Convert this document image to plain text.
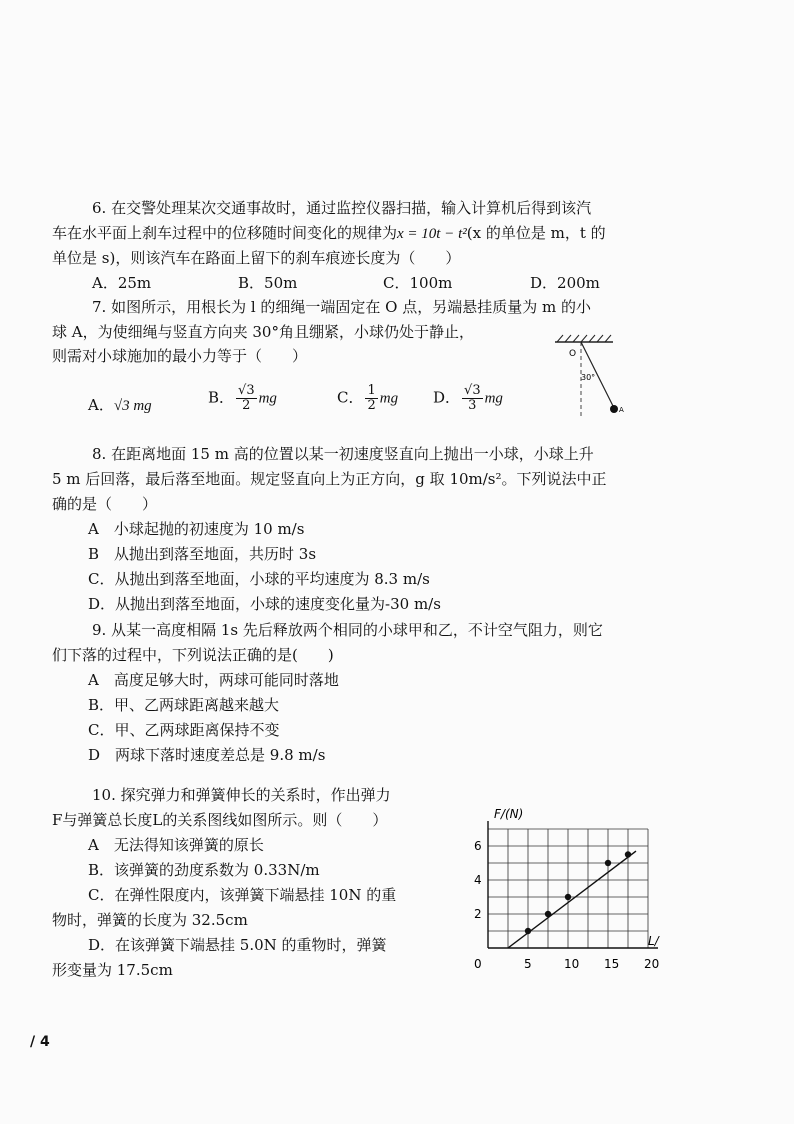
6. 在交警处理某次交通事故时，通过监控仪器扫描，输入计算机后得到该汽
车在水平面上刹车过程中的位移随时间变化的规律为x = 10t − t²(x 的单位是 m，t 的
单位是 s)，则该汽车在路面上留下的刹车痕迹长度为（　　）
A．25m	B．50m	C．100m	D．200m
7. 如图所示，用根长为 l 的细绳一端固定在 O 点，另端悬挂质量为 m 的小
球 A，为使细绳与竖直方向夹 30°角且绷紧，小球仍处于静止，
则需对小球施加的最小力等于（　　）
A．√3 mg	B． $\frac{√3}{2}$ mg	C． $\frac{1}{2}$ mg D． $\frac{√3}{3}$ mg
O
30°
A
8. 在距离地面 15 m 高的位置以某一初速度竖直向上抛出一小球，小球上升
5 m 后回落，最后落至地面。规定竖直向上为正方向，g 取 10m/s²。下列说法中正
确的是（　　）
A　小球起抛的初速度为 10 m/s
B　从抛出到落至地面，共历时 3s
C．从抛出到落至地面，小球的平均速度为 8.3 m/s
D．从抛出到落至地面，小球的速度变化量为-30 m/s
9. 从某一高度相隔 1s 先后释放两个相同的小球甲和乙，不计空气阻力，则它
们下落的过程中，下列说法正确的是(　　)
A　高度足够大时，两球可能同时落地
B．甲、乙两球距离越来越大
C．甲、乙两球距离保持不变
D　两球下落时速度差总是 9.8 m/s
10. 探究弹力和弹簧伸长的关系时，作出弹力
F与弹簧总长度L的关系图线如图所示。则（　　）
A　无法得知该弹簧的原长
B．该弹簧的劲度系数为 0.33N/m
C．在弹性限度内，该弹簧下端悬挂 10N 的重
物时，弹簧的长度为 32.5cm
D．在该弹簧下端悬挂 5.0N 的重物时，弹簧
形变量为 17.5cm	0	5	10 15 20
2
4
6
F/(N)
L/
/ 4
